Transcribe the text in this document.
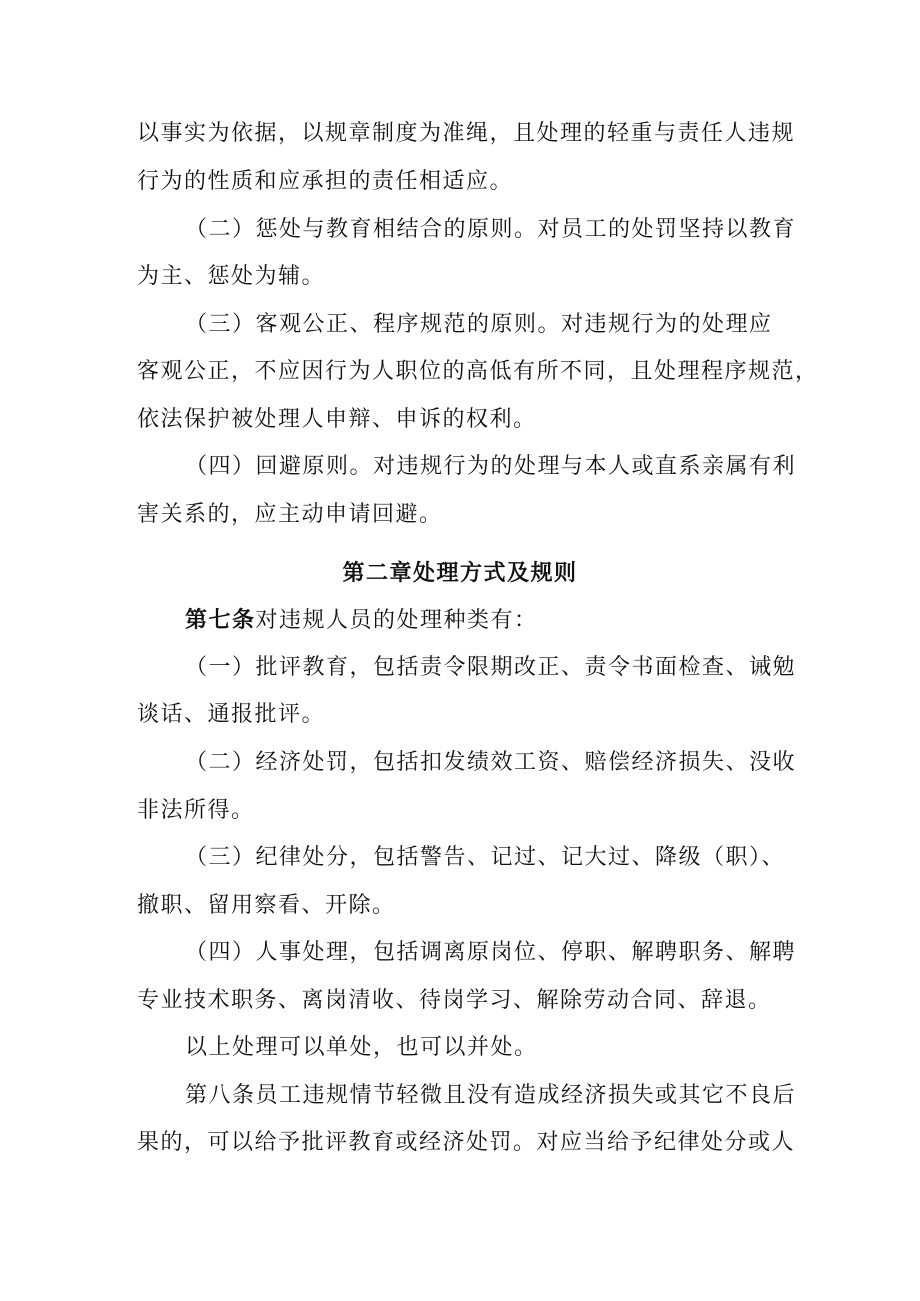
以事实为依据，以规章制度为准绳，且处理的轻重与责任人违规
行为的性质和应承担的责任相适应。
（二）惩处与教育相结合的原则。对员工的处罚坚持以教育
为主、惩处为辅。
（三）客观公正、程序规范的原则。对违规行为的处理应
客观公正，不应因行为人职位的高低有所不同，且处理程序规范，
依法保护被处理人申辩、申诉的权利。
（四）回避原则。对违规行为的处理与本人或直系亲属有利
害关系的，应主动申请回避。
第二章处理方式及规则
第七条对违规人员的处理种类有：
（一）批评教育，包括责令限期改正、责令书面检查、诫勉
谈话、通报批评。
（二）经济处罚，包括扣发绩效工资、赔偿经济损失、没收
非法所得。
（三）纪律处分，包括警告、记过、记大过、降级（职）、
撤职、留用察看、开除。
（四）人事处理，包括调离原岗位、停职、解聘职务、解聘
专业技术职务、离岗清收、待岗学习、解除劳动合同、辞退。
以上处理可以单处，也可以并处。
第八条员工违规情节轻微且没有造成经济损失或其它不良后
果的，可以给予批评教育或经济处罚。对应当给予纪律处分或人
